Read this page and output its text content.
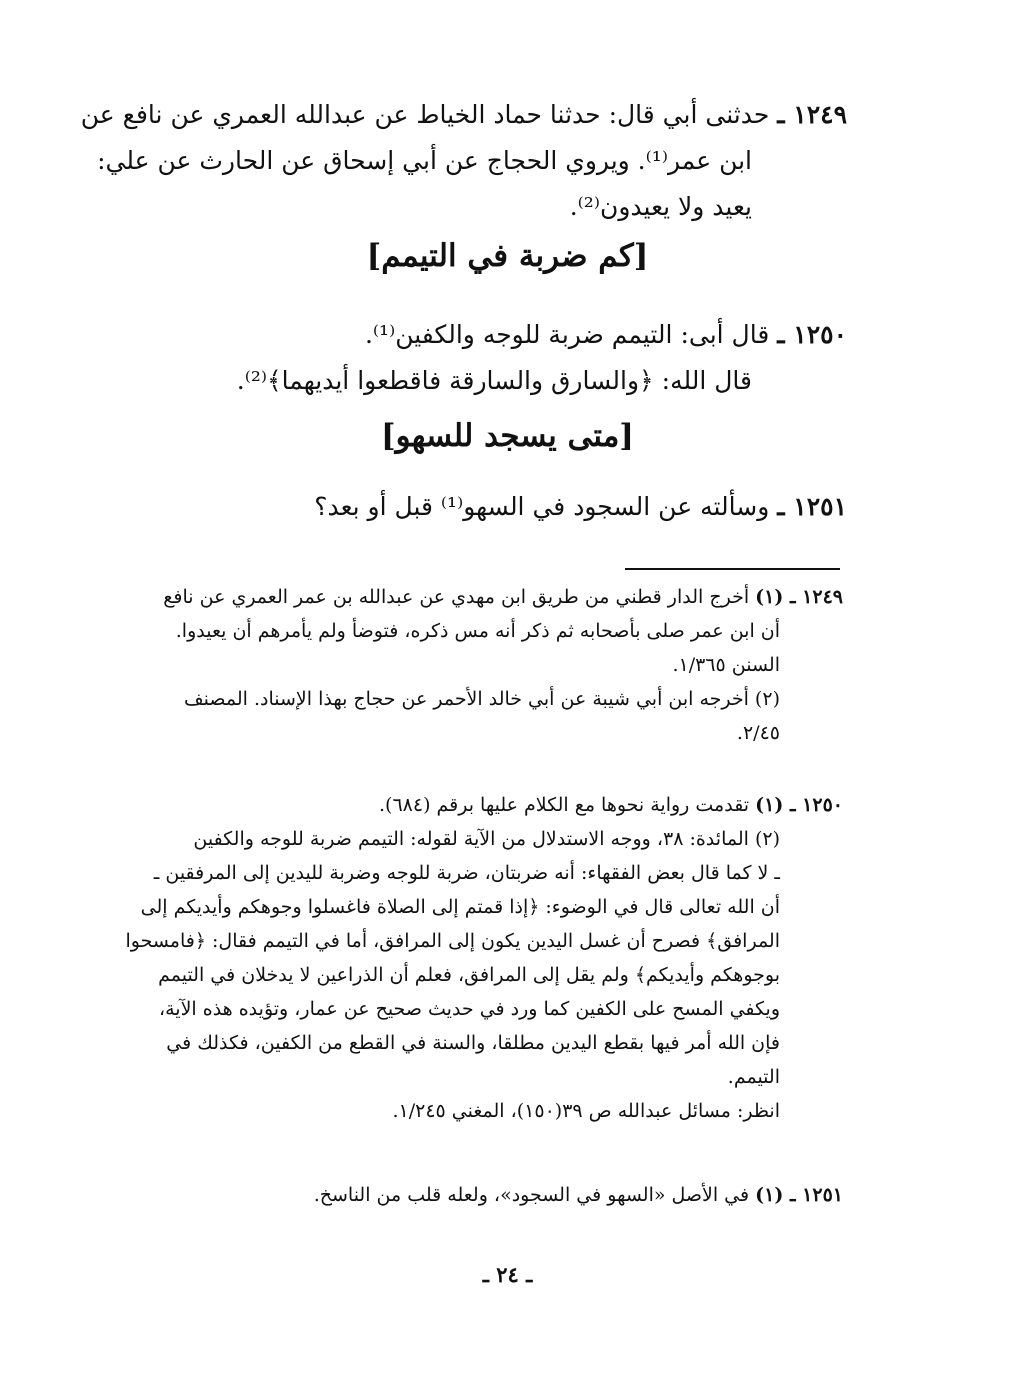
١٢٤٩ ـ حدثنى أبي قال: حدثنا حماد الخياط عن عبدالله العمري عن نافع عن
ابن عمر⁽¹⁾. ويروي الحجاج عن أبي إسحاق عن الحارث عن علي:
يعيد ولا يعيدون⁽²⁾.
[كم ضربة في التيمم]
١٢٥٠ ـ قال أبى: التيمم ضربة للوجه والكفين⁽¹⁾.
قال الله: ﴿والسارق والسارقة فاقطعوا أيديهما﴾⁽²⁾.
[متى يسجد للسهو]
١٢٥١ ـ وسألته عن السجود في السهو⁽¹⁾ قبل أو بعد؟
١٢٤٩ ـ (١) أخرج الدار قطني من طريق ابن مهدي عن عبدالله بن عمر العمري عن نافع
أن ابن عمر صلى بأصحابه ثم ذكر أنه مس ذكره، فتوضأ ولم يأمرهم أن يعيدوا.
السنن ١/٣٦٥.
(٢) أخرجه ابن أبي شيبة عن أبي خالد الأحمر عن حجاج بهذا الإسناد. المصنف
٢/٤٥.
١٢٥٠ ـ (١) تقدمت رواية نحوها مع الكلام عليها برقم (٦٨٤).
(٢) المائدة: ٣٨، ووجه الاستدلال من الآية لقوله: التيمم ضربة للوجه والكفين
ـ لا كما قال بعض الفقهاء: أنه ضربتان، ضربة للوجه وضربة لليدين إلى المرفقين ـ
أن الله تعالى قال في الوضوء: ﴿إذا قمتم إلى الصلاة فاغسلوا وجوهكم وأيديكم إلى
المرافق﴾ فصرح أن غسل اليدين يكون إلى المرافق، أما في التيمم فقال: ﴿فامسحوا
بوجوهكم وأيديكم﴾ ولم يقل إلى المرافق، فعلم أن الذراعين لا يدخلان في التيمم
ويكفي المسح على الكفين كما ورد في حديث صحيح عن عمار، وتؤيده هذه الآية،
فإن الله أمر فيها بقطع اليدين مطلقا، والسنة في القطع من الكفين، فكذلك في
التيمم.
انظر: مسائل عبدالله ص ٣٩(١٥٠)، المغني ١/٢٤٥.
١٢٥١ ـ (١) في الأصل «السهو في السجود»، ولعله قلب من الناسخ.
ـ ٢٤ ـ
